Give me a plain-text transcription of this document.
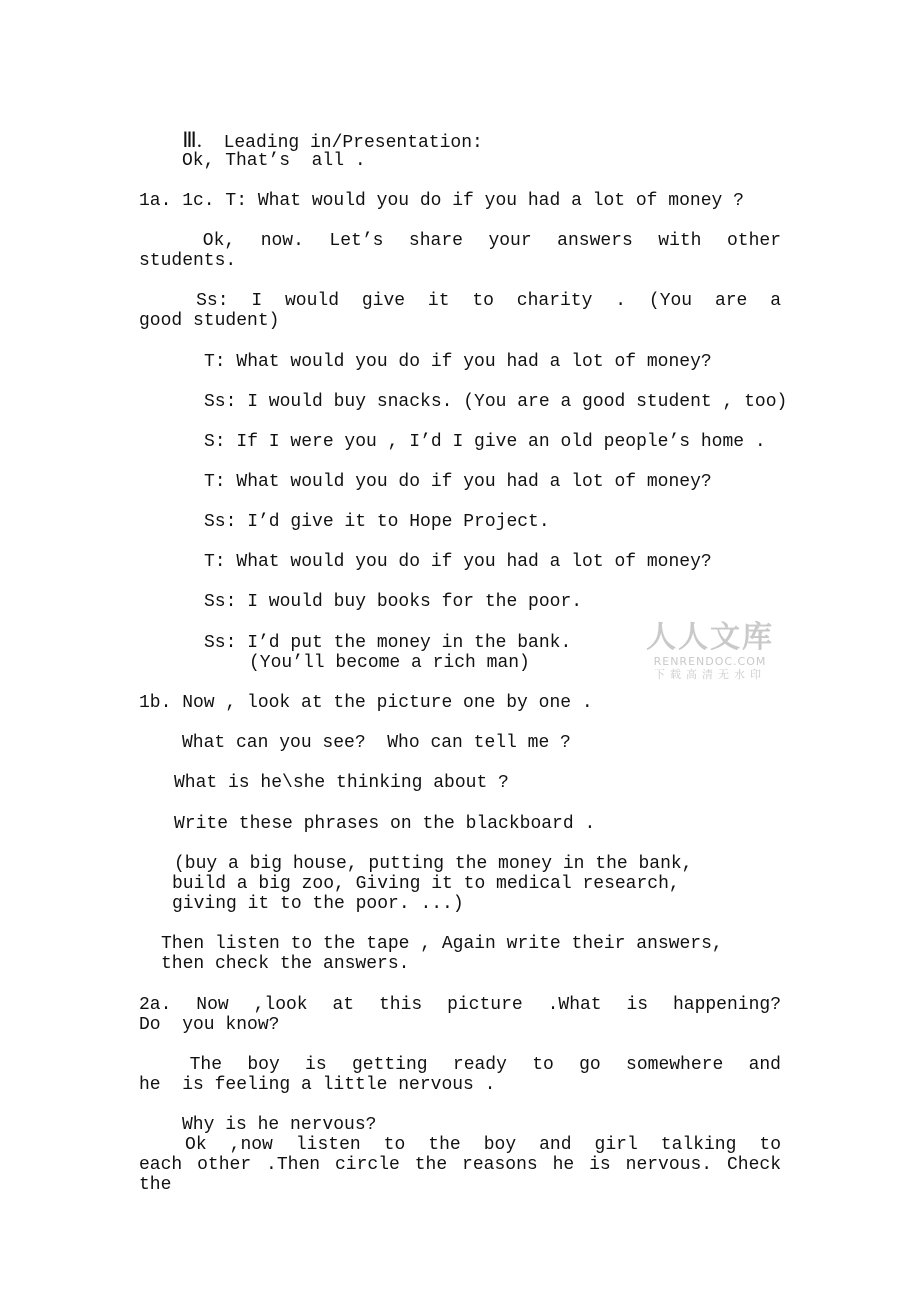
Ⅲ. Leading in/Presentation:

Ok, That’s  all .
1a. 1c. T: What would you do if you had a lot of money ?
Ok,  now.  Let’s  share  your  answers  with  other students.
Ss:  I  would  give  it  to  charity  .  (You  are  a  good student)
T: What would you do if you had a lot of money?
Ss: I would buy snacks. (You are a good student , too)
S: If I were you , I’d I give an old people’s home .
T: What would you do if you had a lot of money?
Ss: I’d give it to Hope Project.
T: What would you do if you had a lot of money?
Ss: I would buy books for the poor.
Ss: I’d put the money in the bank.
(You’ll become a rich man)
1b. Now , look at the picture one by one .
What can you see?  Who can tell me ?
What is he\she thinking about ?
Write these phrases on the blackboard .
(buy a big house, putting the money in the bank,
build a big zoo, Giving it to medical research,
giving it to the poor. ...)
Then listen to the tape , Again write their answers,
then check the answers.
2a.  Now  ,look  at  this  picture  .What  is  happening? Do  you know?
The  boy  is  getting  ready  to  go  somewhere  and  he  is feeling a little nervous .
Why is he nervous?
Ok  ,now  listen  to  the  boy  and  girl  talking  to  each other .Then circle the reasons he is nervous. Check the
人人文库
RENRENDOC.COM
下载高清无水印
